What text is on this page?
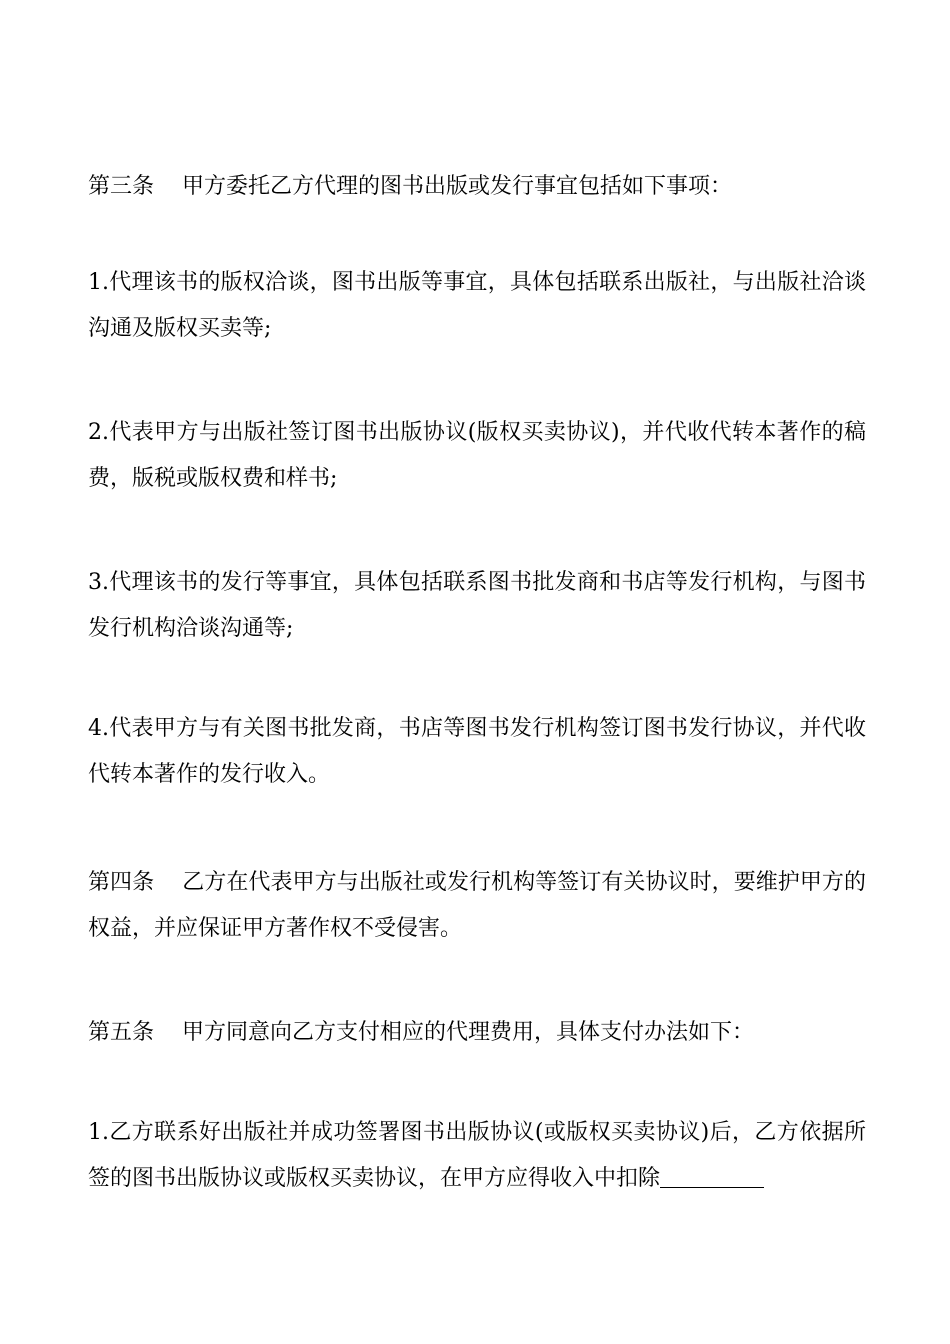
第三条 甲方委托乙方代理的图书出版或发行事宜包括如下事项：

1.代理该书的版权洽谈，图书出版等事宜，具体包括联系出版社，与出版社洽谈沟通及版权买卖等;

2.代表甲方与出版社签订图书出版协议(版权买卖协议)，并代收代转本著作的稿费，版税或版权费和样书;

3.代理该书的发行等事宜，具体包括联系图书批发商和书店等发行机构，与图书发行机构洽谈沟通等;

4.代表甲方与有关图书批发商，书店等图书发行机构签订图书发行协议，并代收代转本著作的发行收入。

第四条 乙方在代表甲方与出版社或发行机构等签订有关协议时，要维护甲方的权益，并应保证甲方著作权不受侵害。

第五条 甲方同意向乙方支付相应的代理费用，具体支付办法如下：

1.乙方联系好出版社并成功签署图书出版协议(或版权买卖协议)后，乙方依据所签的图书出版协议或版权买卖协议，在甲方应得收入中扣除
